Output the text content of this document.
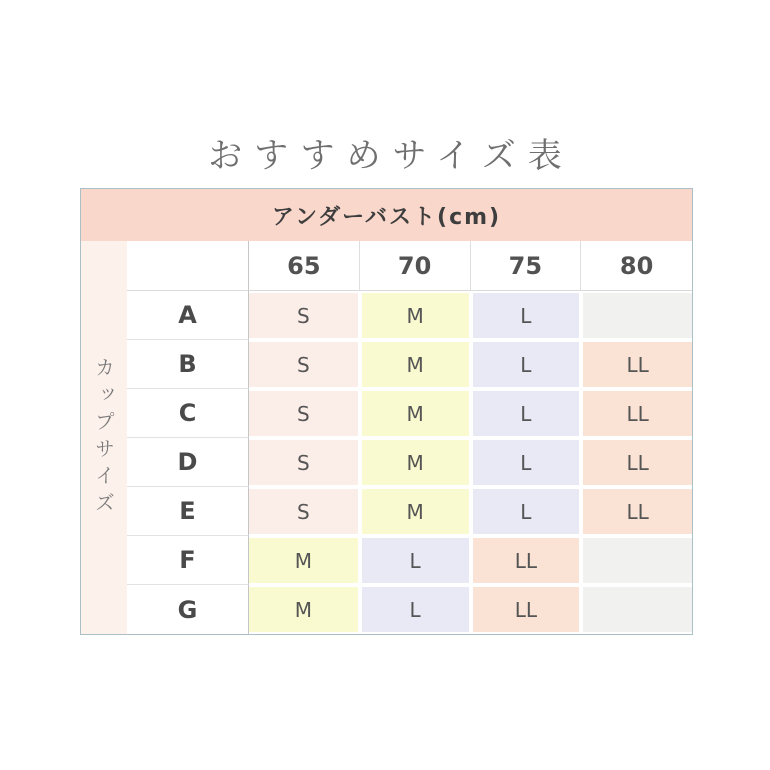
おすすめサイズ表
アンダーバスト(cm)
カップサイズ
65	70	75	80
A	S	M	L
B	S	M	L	LL
C	S	M	L	LL
D	S	M	L	LL
E	S	M	L	LL
F	M	L	LL
G	M	L	LL
